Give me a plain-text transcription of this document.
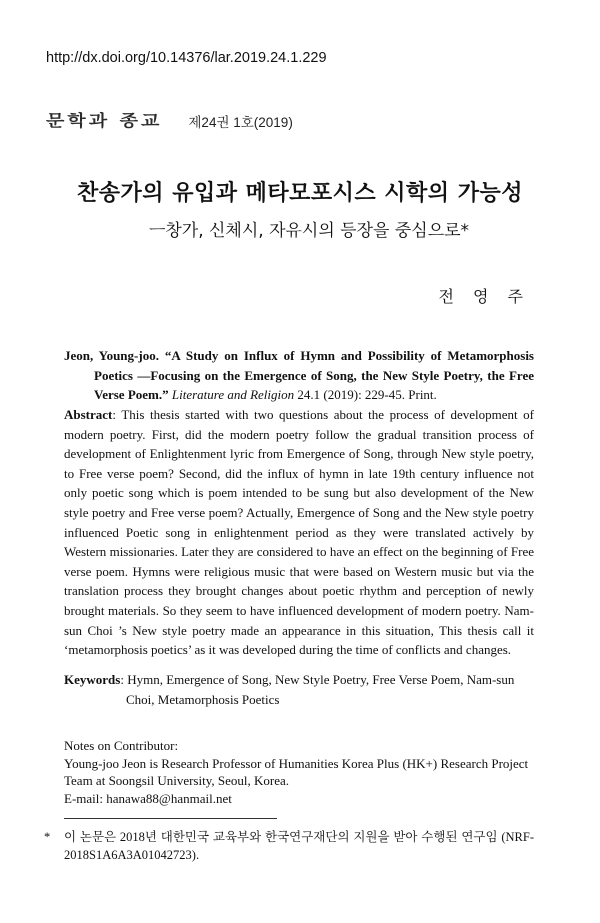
http://dx.doi.org/10.14376/lar.2019.24.1.229
문학과 종교 제24권 1호(2019)
찬송가의 유입과 메타모포시스 시학의 가능성
ㅡ창가, 신체시, 자유시의 등장을 중심으로*
전 영 주

Jeon, Young-joo. “A Study on Influx of Hymn and Possibility of Metamorphosis Poetics ―Focusing on the Emergence of Song, the New Style Poetry, the Free Verse Poem.” Literature and Religion 24.1 (2019): 229-45. Print.

Abstract: This thesis started with two questions about the process of development of modern poetry. First, did the modern poetry follow the gradual transition process of development of Enlightenment lyric from Emergence of Song, through New style poetry, to Free verse poem? Second, did the influx of hymn in late 19th century influence not only poetic song which is poem intended to be sung but also development of the New style poetry and Free verse poem? Actually, Emergence of Song and the New style poetry influenced Poetic song in enlightenment period as they were translated actively by Western missionaries. Later they are considered to have an effect on the beginning of Free verse poem. Hymns were religious music that were based on Western music but via the translation process they brought changes about poetic rhythm and perception of newly brought materials. So they seem to have influenced development of modern poetry. Nam-sun Choi ’s New style poetry made an appearance in this situation, This thesis call it ‘metamorphosis poetics’ as it was developed during the time of conflicts and changes.

Keywords: Hymn, Emergence of Song, New Style Poetry, Free Verse Poem, Nam-sun Choi, Metamorphosis Poetics

Notes on Contributor:

Young-joo Jeon is Research Professor of Humanities Korea Plus (HK+) Research Project Team at Soongsil University, Seoul, Korea.

E-mail: hanawa88@hanmail.net

* 이 논문은 2018년 대한민국 교육부와 한국연구재단의 지원을 받아 수행된 연구임 (NRF-2018S1A6A3A01042723).
